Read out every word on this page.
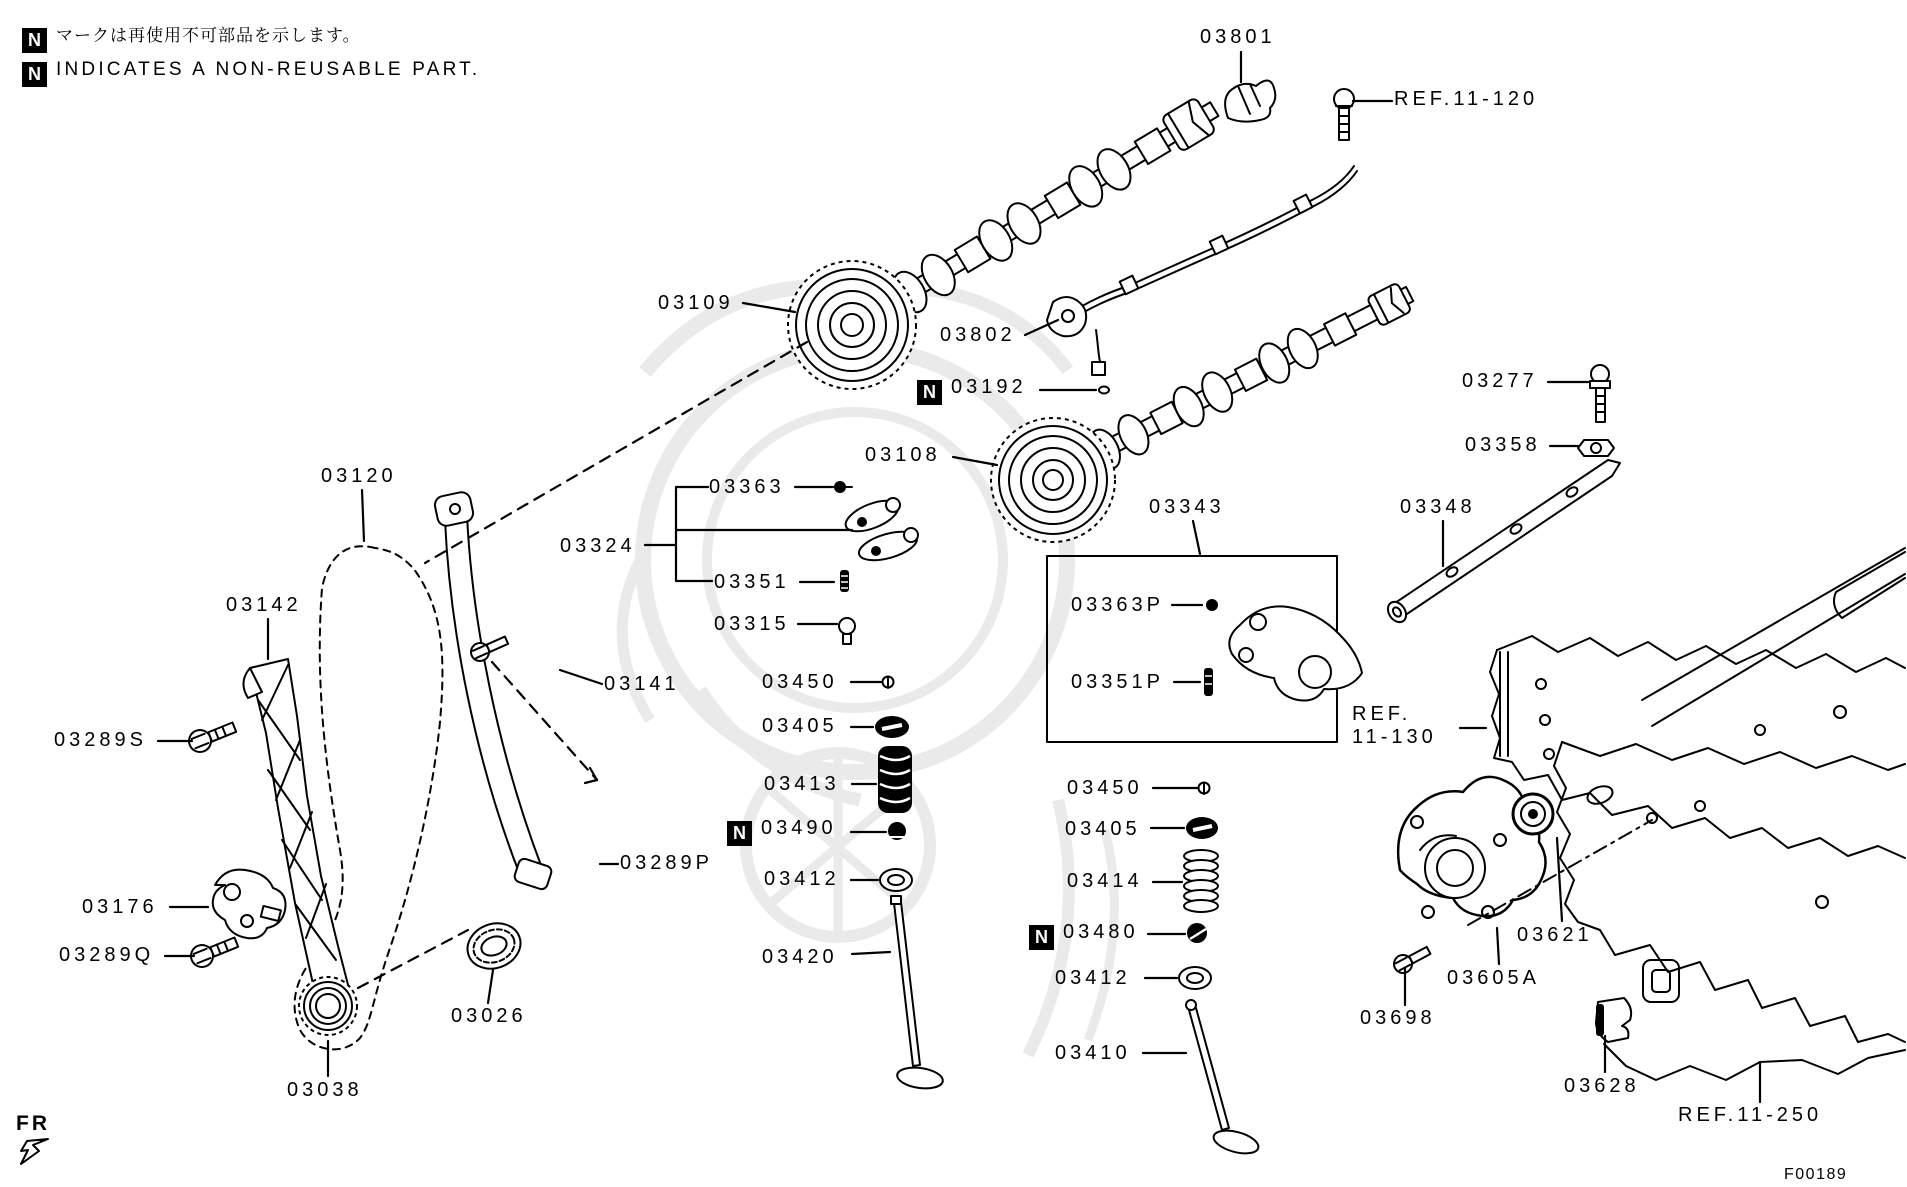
N マークは再使用不可部品を示します。
N INDICATES A NON-REUSABLE PART.
03801
REF.11-120
03109
03802
N 03192
03108
03277
03358
03343	03348
03363P
03351P
REF.
11-130
03120
03142
03289S
03176
03289Q
03038
03026
03141
03289P
03363
03324
03351
03315
03450
03405
03413
N 03490
03412
03420
03450
03405
03414
N 03480
03412
03410
03621
03605A
03698
03628
REF.11-250
FR
F00189
